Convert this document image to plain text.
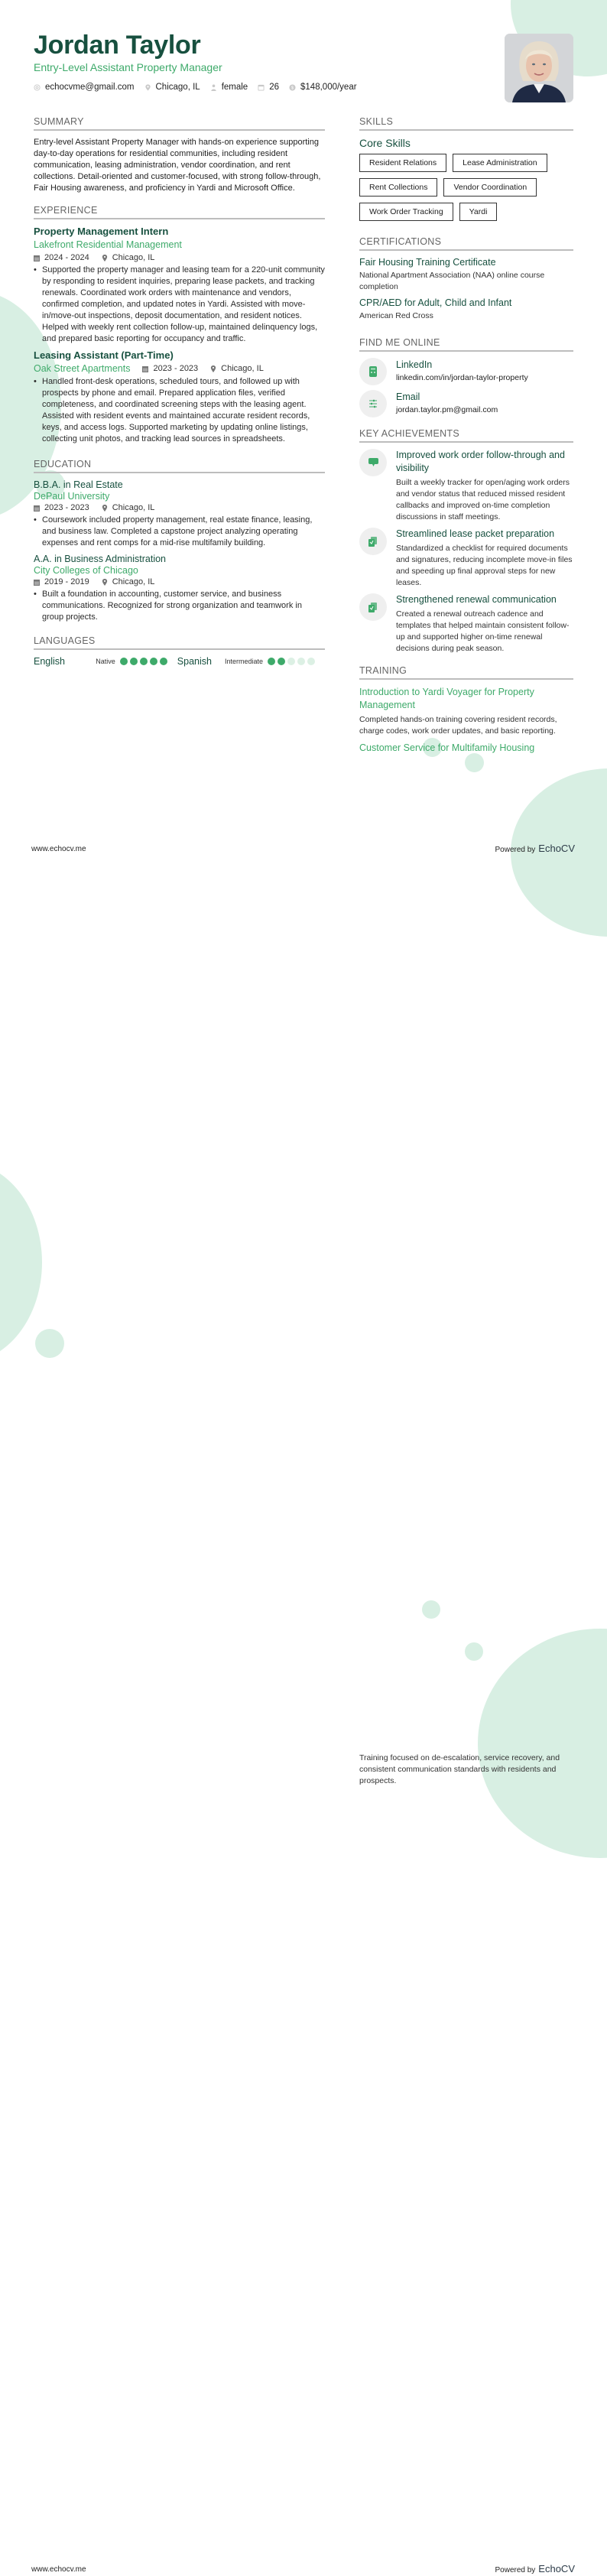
Jordan Taylor
Entry-Level Assistant Property Manager
echocvme@gmail.com Chicago, IL female 26 $ $148,000/year
SUMMARY

Entry-level Assistant Property Manager with hands-on experience supporting day-to-day operations for residential communities, including resident communication, leasing administration, vendor coordination, and rent collections. Detail-oriented and customer-focused, with strong follow-through, Fair Housing awareness, and proficiency in Yardi and Microsoft Office.

EXPERIENCE
Property Management Intern
Lakefront Residential Management
2024 - 2024	Chicago, IL
• Supported the property manager and leasing team for a 220-unit community by responding to resident inquiries, preparing lease packets, and tracking renewals. Coordinated work orders with maintenance and vendors, confirmed completion, and updated notes in Yardi. Assisted with move-in/move-out inspections, deposit documentation, and resident notices. Helped with weekly rent collection follow-up, maintained delinquency logs, and prepared basic reporting for occupancy and traffic.
Leasing Assistant (Part-Time)
Oak Street Apartments	2023 - 2023	Chicago, IL
• Handled front-desk operations, scheduled tours, and followed up with prospects by phone and email. Prepared application files, verified completeness, and coordinated screening steps with the leasing agent. Assisted with resident events and maintained accurate resident records, keys, and access logs. Supported marketing by updating online listings, collecting unit photos, and tracking lead sources in spreadsheets.
EDUCATION
B.B.A. in Real Estate
DePaul University
2023 - 2023	Chicago, IL
• Coursework included property management, real estate finance, leasing, and business law. Completed a capstone project analyzing operating expenses and rent comps for a mid-rise multifamily building.
A.A. in Business Administration
City Colleges of Chicago
2019 - 2019	Chicago, IL
• Built a foundation in accounting, customer service, and business communications. Recognized for strong organization and teamwork in group projects.
LANGUAGES
English	Native	Spanish Intermediate
SKILLS
Core Skills
Resident Relations	Lease Administration
Rent Collections	Vendor Coordination
Work Order Tracking	Yardi
CERTIFICATIONS
Fair Housing Training Certificate
National Apartment Association (NAA) online course completion
CPR/AED for Adult, Child and Infant
American Red Cross
FIND ME ONLINE
LinkedIn
linkedin.com/in/jordan-taylor-property
Email
jordan.taylor.pm@gmail.com
KEY ACHIEVEMENTS
Improved work order follow-through and visibility
Built a weekly tracker for open/aging work orders and vendor status that reduced missed resident callbacks and improved on-time completion discussions in staff meetings.
Streamlined lease packet preparation
Standardized a checklist for required documents and signatures, reducing incomplete move-in files and speeding up final approval steps for new leases.
Strengthened renewal communication
Created a renewal outreach cadence and templates that helped maintain consistent follow-up and supported higher on-time renewal decisions during peak season.
TRAINING
Introduction to Yardi Voyager for Property Management
Completed hands-on training covering resident records, charge codes, work order updates, and basic reporting.
Customer Service for Multifamily Housing
www.echocv.me	Powered by EchoCV
Training focused on de-escalation, service recovery, and consistent communication standards with residents and prospects.
www.echocv.me	Powered by EchoCV
